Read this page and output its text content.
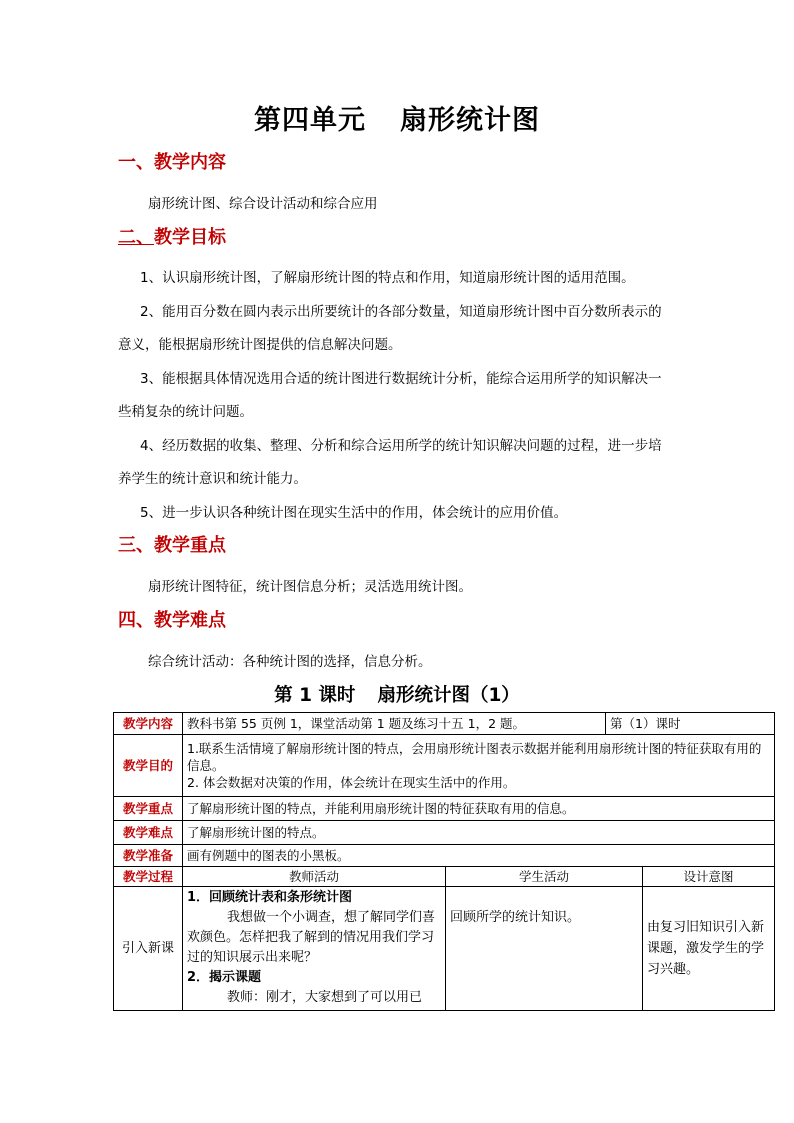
第四单元 扇形统计图
一、教学内容
扇形统计图、综合设计活动和综合应用
二、教学目标
1、认识扇形统计图，了解扇形统计图的特点和作用，知道扇形统计图的适用范围。
2、能用百分数在圆内表示出所要统计的各部分数量，知道扇形统计图中百分数所表示的
意义，能根据扇形统计图提供的信息解决问题。
3、能根据具体情况选用合适的统计图进行数据统计分析，能综合运用所学的知识解决一
些稍复杂的统计问题。
4、经历数据的收集、整理、分析和综合运用所学的统计知识解决问题的过程，进一步培
养学生的统计意识和统计能力。
5、进一步认识各种统计图在现实生活中的作用，体会统计的应用价值。
三、教学重点
扇形统计图特征，统计图信息分析；灵活选用统计图。
四、教学难点
综合统计活动：各种统计图的选择，信息分析。
第 1 课时 扇形统计图（1）
教学内容	教科书第 55 页例 1，课堂活动第 1 题及练习十五 1，2 题。		第（1）课时	
教学目的	1.联系生活情境了解扇形统计图的特点，会用扇形统计图表示数据并能利用扇形统计图的特征获取有用的信息。
2. 体会数据对决策的作用，体会统计在现实生活中的作用。			

教学重点	了解扇形统计图的特点，并能利用扇形统计图的特征获取有用的信息。			
教学难点	了解扇形统计图的特点。			
教学准备	画有例题中的图表的小黑板。			
教学过程	教师活动	学生活动		设计意图
引入新课	1．回顾统计表和条形统计图
我想做一个小调查，想了解同学们喜欢颜色。怎样把我了解到的情况用我们学习过的知识展示出来呢？
2．揭示课题
教师：刚才，大家想到了可以用已	回顾所学的统计知识。		由复习旧知识引入新课题，激发学生的学习兴趣。
